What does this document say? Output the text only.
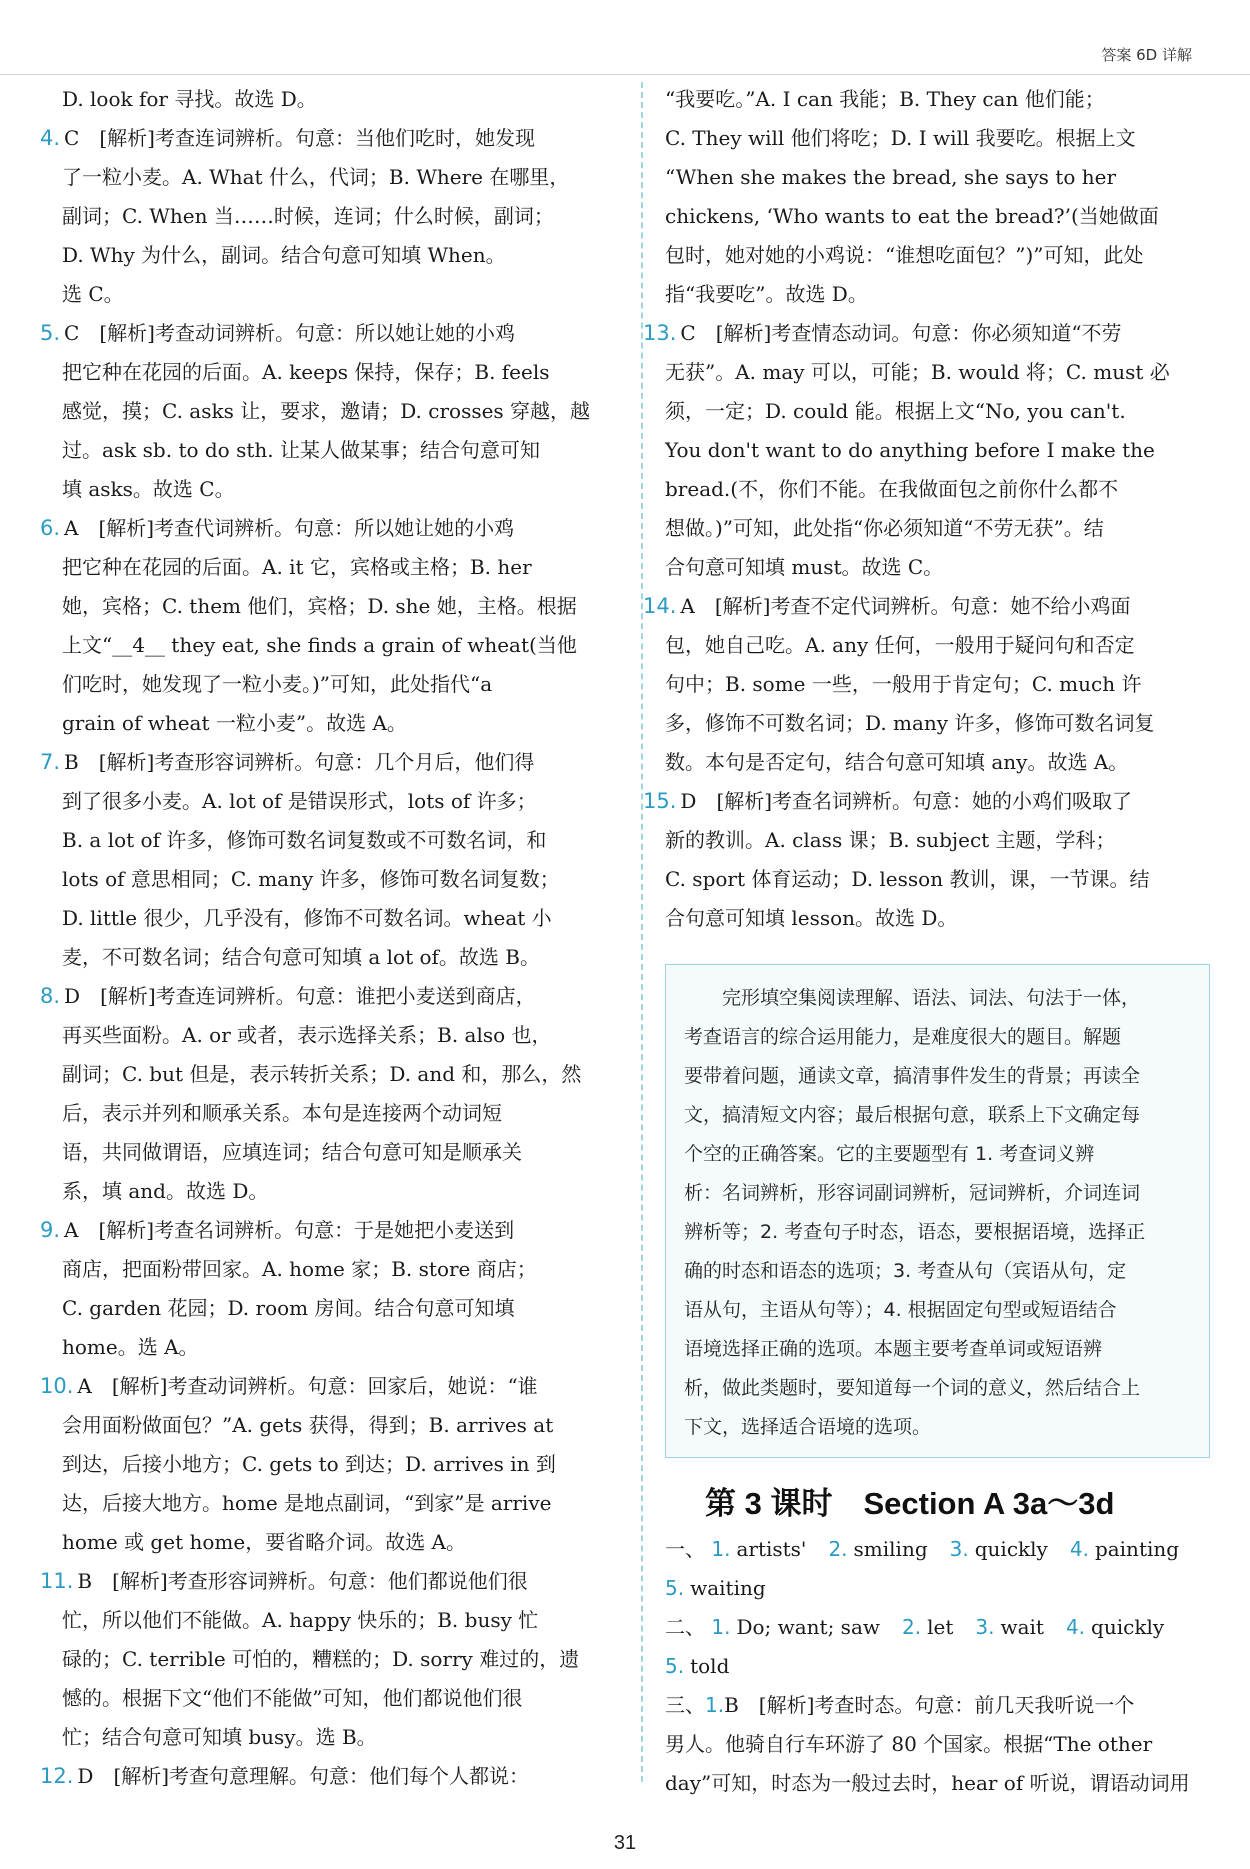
答案 6D 详解
D. look for 寻找。故选 D。
4. C　[解析]考查连词辨析。句意：当他们吃时，她发现
了一粒小麦。A. What 什么，代词；B. Where 在哪里，
副词；C. When 当……时候，连词；什么时候，副词；
D. Why 为什么，副词。结合句意可知填 When。
选 C。
5. C　[解析]考查动词辨析。句意：所以她让她的小鸡
把它种在花园的后面。A. keeps 保持，保存；B. feels
感觉，摸；C. asks 让，要求，邀请；D. crosses 穿越，越
过。ask sb. to do sth. 让某人做某事；结合句意可知
填 asks。故选 C。
6. A　[解析]考查代词辨析。句意：所以她让她的小鸡
把它种在花园的后面。A. it 它，宾格或主格；B. her
她，宾格；C. them 他们，宾格；D. she 她，主格。根据
上文“__4__ they eat, she finds a grain of wheat(当他
们吃时，她发现了一粒小麦。)”可知，此处指代“a
grain of wheat 一粒小麦”。故选 A。
7. B　[解析]考查形容词辨析。句意：几个月后，他们得
到了很多小麦。A. lot of 是错误形式，lots of 许多；
B. a lot of 许多，修饰可数名词复数或不可数名词，和
lots of 意思相同；C. many 许多，修饰可数名词复数；
D. little 很少，几乎没有，修饰不可数名词。wheat 小
麦，不可数名词；结合句意可知填 a lot of。故选 B。
8. D　[解析]考查连词辨析。句意：谁把小麦送到商店，
再买些面粉。A. or 或者，表示选择关系；B. also 也，
副词；C. but 但是，表示转折关系；D. and 和，那么，然
后，表示并列和顺承关系。本句是连接两个动词短
语，共同做谓语，应填连词；结合句意可知是顺承关
系，填 and。故选 D。
9. A　[解析]考查名词辨析。句意：于是她把小麦送到
商店，把面粉带回家。A. home 家；B. store 商店；
C. garden 花园；D. room 房间。结合句意可知填
home。选 A。
10. A　[解析]考查动词辨析。句意：回家后，她说：“谁
会用面粉做面包？”A. gets 获得，得到；B. arrives at
到达，后接小地方；C. gets to 到达；D. arrives in 到
达，后接大地方。home 是地点副词，“到家”是 arrive
home 或 get home，要省略介词。故选 A。
11. B　[解析]考查形容词辨析。句意：他们都说他们很
忙，所以他们不能做。A. happy 快乐的；B. busy 忙
碌的；C. terrible 可怕的，糟糕的；D. sorry 难过的，遗
憾的。根据下文“他们不能做”可知，他们都说他们很
忙；结合句意可知填 busy。选 B。
12. D　[解析]考查句意理解。句意：他们每个人都说：
“我要吃。”A. I can 我能；B. They can 他们能；
C. They will 他们将吃；D. I will 我要吃。根据上文
“When she makes the bread, she says to her
chickens, ‘Who wants to eat the bread?’(当她做面
包时，她对她的小鸡说：“谁想吃面包？”)”可知，此处
指“我要吃”。故选 D。
13. C　[解析]考查情态动词。句意：你必须知道“不劳
无获”。A. may 可以，可能；B. would 将；C. must 必
须，一定；D. could 能。根据上文“No, you can't.
You don't want to do anything before I make the
bread.(不，你们不能。在我做面包之前你什么都不
想做。)”可知，此处指“你必须知道“不劳无获”。结
合句意可知填 must。故选 C。
14. A　[解析]考查不定代词辨析。句意：她不给小鸡面
包，她自己吃。A. any 任何，一般用于疑问句和否定
句中；B. some 一些，一般用于肯定句；C. much 许
多，修饰不可数名词；D. many 许多，修饰可数名词复
数。本句是否定句，结合句意可知填 any。故选 A。
15. D　[解析]考查名词辨析。句意：她的小鸡们吸取了
新的教训。A. class 课；B. subject 主题，学科；
C. sport 体育运动；D. lesson 教训，课，一节课。结
合句意可知填 lesson。故选 D。
　　完形填空集阅读理解、语法、词法、句法于一体，
考查语言的综合运用能力，是难度很大的题目。解题
要带着问题，通读文章，搞清事件发生的背景；再读全
文，搞清短文内容；最后根据句意，联系上下文确定每
个空的正确答案。它的主要题型有 1. 考查词义辨
析：名词辨析，形容词副词辨析，冠词辨析，介词连词
辨析等；2. 考查句子时态，语态，要根据语境，选择正
确的时态和语态的选项；3. 考查从句（宾语从句，定
语从句，主语从句等）；4. 根据固定句型或短语结合
语境选择正确的选项。本题主要考查单词或短语辨
析，做此类题时，要知道每一个词的意义，然后结合上
下文，选择适合语境的选项。
第 3 课时　Section A 3a～3d
一、 1. artists' 2. smiling 3. quickly 4. painting
5. waiting
二、 1. Do; want; saw 2. let 3. wait 4. quickly
5. told
三、1.B　[解析]考查时态。句意：前几天我听说一个
男人。他骑自行车环游了 80 个国家。根据“The other
day”可知，时态为一般过去时，hear of 听说，谓语动词用
31
